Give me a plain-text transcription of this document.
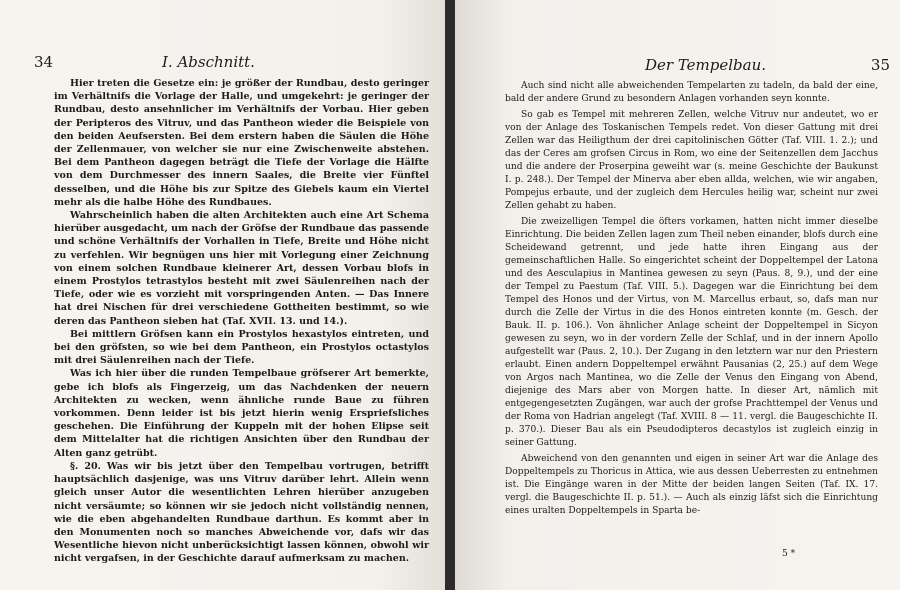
34	I. Abschnitt.

Hier treten die Gesetze ein: je größer der Rundbau, desto geringer im Verhältnifs die Vorlage der Halle, und umgekehrt: je geringer der Rundbau, desto ansehnlicher im Verhältnifs der Vorbau. Hier geben der Peripteros des Vitruv, und das Pantheon wieder die Beispiele von den beiden Aeufsersten. Bei dem erstern haben die Säulen die Höhe der Zellenmauer, von welcher sie nur eine Zwischenweite abstehen. Bei dem Pantheon dagegen beträgt die Tiefe der Vorlage die Hälfte von dem Durchmesser des innern Saales, die Breite vier Fünftel desselben, und die Höhe bis zur Spitze des Giebels kaum ein Viertel mehr als die halbe Höhe des Rundbaues.

Wahrscheinlich haben die alten Architekten auch eine Art Schema hierüber ausgedacht, um nach der Gröfse der Rundbaue das passende und schöne Verhältnifs der Vorhallen in Tiefe, Breite und Höhe nicht zu verfehlen. Wir begnügen uns hier mit Vorlegung einer Zeichnung von einem solchen Rundbaue kleinerer Art, dessen Vorbau blofs in einem Prostylos tetrastylos besteht mit zwei Säulenreihen nach der Tiefe, oder wie es vorzieht mit vorspringenden Anten. — Das Innere hat drei Nischen für drei verschiedene Gottheiten bestimmt, so wie deren das Pantheon sieben hat (Taf. XVII. 13. und 14.).

Bei mittlern Gröfsen kann ein Prostylos hexastylos eintreten, und bei den gröfsten, so wie bei dem Pantheon, ein Prostylos octastylos mit drei Säulenreihen nach der Tiefe.

Was ich hier über die runden Tempelbaue gröfserer Art bemerkte, gebe ich blofs als Fingerzeig, um das Nachdenken der neuern Architekten zu wecken, wenn ähnliche runde Baue zu führen vorkommen. Denn leider ist bis jetzt hierin wenig Erspriefsliches geschehen. Die Einführung der Kuppeln mit der hohen Elipse seit dem Mittelalter hat die richtigen Ansichten über den Rundbau der Alten ganz getrübt.

§. 20. Was wir bis jetzt über den Tempelbau vortrugen, betrifft hauptsächlich dasjenige, was uns Vitruv darüber lehrt. Allein wenn gleich unser Autor die wesentlichten Lehren hierüber anzugeben nicht versäumte; so können wir sie jedoch nicht vollständig nennen, wie die eben abgehandelten Rundbaue darthun. Es kommt aber in den Monumenten noch so manches Abweichende vor, dafs wir das Wesentliche hievon nicht unberücksichtigt lassen können, obwohl wir nicht vergafsen, in der Geschichte darauf aufmerksam zu machen.

Der Tempelbau.	35

Auch sind nicht alle abweichenden Tempelarten zu tadeln, da bald der eine, bald der andere Grund zu besondern Anlagen vorhanden seyn konnte.

So gab es Tempel mit mehreren Zellen, welche Vitruv nur andeutet, wo er von der Anlage des Toskanischen Tempels redet. Von dieser Gattung mit drei Zellen war das Heiligthum der drei capitolinischen Götter (Taf. VIII. 1. 2.); und das der Ceres am grofsen Circus in Rom, wo eine der Seitenzellen dem Jacchus und die andere der Proserpina geweiht war (s. meine Geschichte der Baukunst I. p. 248.). Der Tempel der Minerva aber eben allda, welchen, wie wir angaben, Pompejus erbaute, und der zugleich dem Hercules heilig war, scheint nur zwei Zellen gehabt zu haben.

Die zweizelligen Tempel die öfters vorkamen, hatten nicht immer dieselbe Einrichtung. Die beiden Zellen lagen zum Theil neben einander, blofs durch eine Scheidewand getrennt, und jede hatte ihren Eingang aus der gemeinschaftlichen Halle. So eingerichtet scheint der Doppeltempel der Latona und des Aesculapius in Mantinea gewesen zu seyn (Paus. 8, 9.), und der eine der Tempel zu Paestum (Taf. VIII. 5.). Dagegen war die Einrichtung bei dem Tempel des Honos und der Virtus, von M. Marcellus erbaut, so, dafs man nur durch die Zelle der Virtus in die des Honos eintreten konnte (m. Gesch. der Bauk. II. p. 106.). Von ähnlicher Anlage scheint der Doppeltempel in Sicyon gewesen zu seyn, wo in der vordern Zelle der Schlaf, und in der innern Apollo aufgestellt war (Paus. 2, 10.). Der Zugang in den letztern war nur den Priestern erlaubt. Einen andern Doppeltempel erwähnt Pausanias (2, 25.) auf dem Wege von Argos nach Mantinea, wo die Zelle der Venus den Eingang von Abend, diejenige des Mars aber von Morgen hatte. In dieser Art, nämlich mit entgegengesetzten Zugängen, war auch der grofse Prachttempel der Venus und der Roma von Hadrian angelegt (Taf. XVIII. 8 — 11. vergl. die Baugeschichte II. p. 370.). Dieser Bau als ein Pseudodipteros decastylos ist zugleich einzig in seiner Gattung.

Abweichend von den genannten und eigen in seiner Art war die Anlage des Doppeltempels zu Thoricus in Attica, wie aus dessen Ueberresten zu entnehmen ist. Die Eingänge waren in der Mitte der beiden langen Seiten (Taf. IX. 17. vergl. die Baugeschichte II. p. 51.). — Auch als einzig läfst sich die Einrichtung eines uralten Doppeltempels in Sparta be-

5 *
